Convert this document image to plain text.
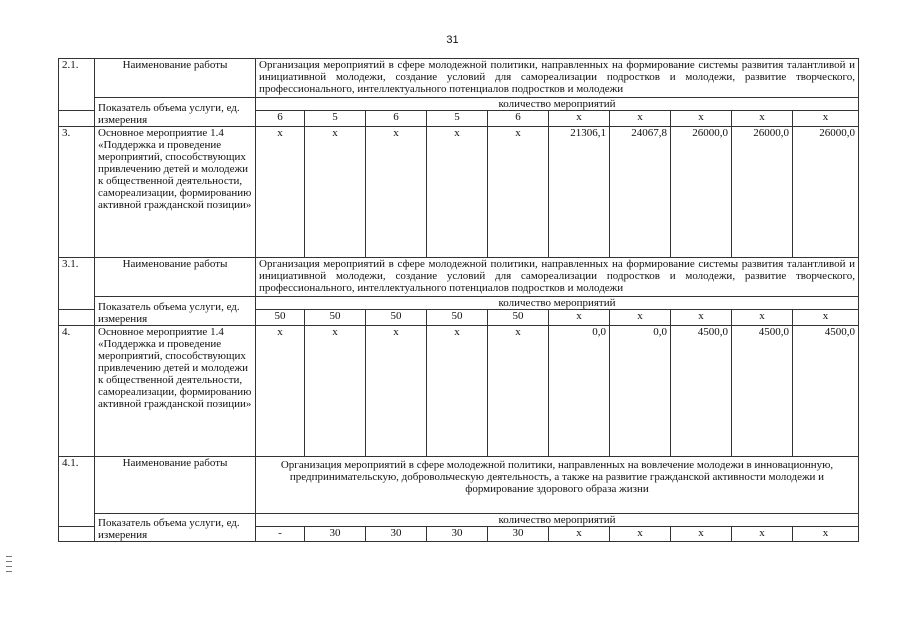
31
2.1.	Наименование работы	Организация мероприятий в сфере молодежной политики, направленных на формирование системы развития талантливой и инициативной молодежи, создание условий для самореализации подростков и молодежи, развитие творческого, профессионального, интеллектуального потенциалов подростков и молодежи									
	Показатель объема услуги, ед. измерения	количество мероприятий									
		6	5	6	5	6	х	х	х	х	х
3.	Основное мероприятие 1.4 «Поддержка и проведение мероприятий, способствующих привлечению детей и молодежи к общественной деятельности, самореализации, формированию активной гражданской позиции»	х	х	х	х	х	21306,1	24067,8	26000,0	26000,0	26000,0
3.1.	Наименование работы	Организация мероприятий в сфере молодежной политики, направленных на формирование системы развития талантливой и инициативной молодежи, создание условий для самореализации подростков и молодежи, развитие творческого, профессионального, интеллектуального потенциалов подростков и молодежи									
	Показатель объема услуги, ед. измерения	количество мероприятий									
		50	50	50	50	50	х	х	х	х	х
4.	Основное мероприятие 1.4 «Поддержка и проведение мероприятий, способствующих привлечению детей и молодежи к общественной деятельности, самореализации, формированию активной гражданской позиции»	х	х	х	х	х	0,0	0,0	4500,0	4500,0	4500,0
4.1.	Наименование работы	Организация мероприятий в сфере молодежной политики, направленных на вовлечение молодежи в инновационную, предпринимательскую, добровольческую деятельность, а также на развитие гражданской активности молодежи и формирование здорового образа жизни									
	Показатель объема услуги, ед. измерения	количество мероприятий									
		-	30	30	30	30	х	х	х	х	х
